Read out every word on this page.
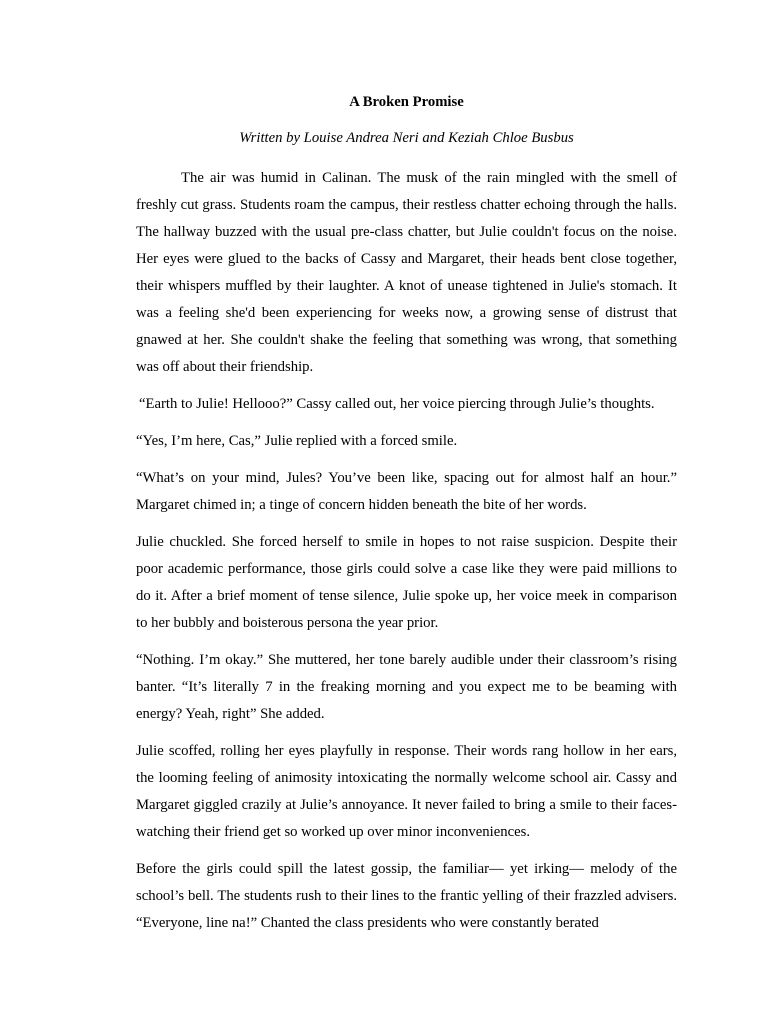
A Broken Promise
Written by Louise Andrea Neri and Keziah Chloe Busbus

The air was humid in Calinan. The musk of the rain mingled with the smell of freshly cut grass. Students roam the campus, their restless chatter echoing through the halls. The hallway buzzed with the usual pre-class chatter, but Julie couldn't focus on the noise. Her eyes were glued to the backs of Cassy and Margaret, their heads bent close together, their whispers muffled by their laughter. A knot of unease tightened in Julie's stomach. It was a feeling she'd been experiencing for weeks now, a growing sense of distrust that gnawed at her. She couldn't shake the feeling that something was wrong, that something was off about their friendship.

“Earth to Julie! Hellooo?” Cassy called out, her voice piercing through Julie’s thoughts.

“Yes, I’m here, Cas,” Julie replied with a forced smile.

“What’s on your mind, Jules? You’ve been like, spacing out for almost half an hour.” Margaret chimed in; a tinge of concern hidden beneath the bite of her words.

Julie chuckled. She forced herself to smile in hopes to not raise suspicion. Despite their poor academic performance, those girls could solve a case like they were paid millions to do it. After a brief moment of tense silence, Julie spoke up, her voice meek in comparison to her bubbly and boisterous persona the year prior.

“Nothing. I’m okay.” She muttered, her tone barely audible under their classroom’s rising banter. “It’s literally 7 in the freaking morning and you expect me to be beaming with energy? Yeah, right” She added.

Julie scoffed, rolling her eyes playfully in response. Their words rang hollow in her ears, the looming feeling of animosity intoxicating the normally welcome school air. Cassy and Margaret giggled crazily at Julie’s annoyance. It never failed to bring a smile to their faces-watching their friend get so worked up over minor inconveniences.

Before the girls could spill the latest gossip, the familiar— yet irking— melody of the school’s bell. The students rush to their lines to the frantic yelling of their frazzled advisers. “Everyone, line na!” Chanted the class presidents who were constantly berated
